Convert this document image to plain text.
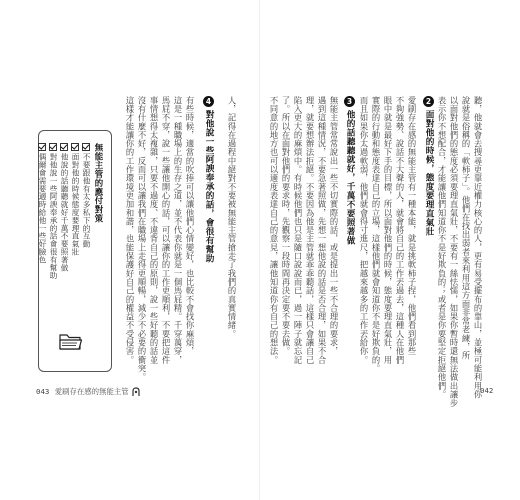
人，記得在過程中絕對不要被無能主管搶走了我們的真實情緒。
4
對他說一些阿諛奉承的話，會很有幫助
有些時候，適當的吹捧可以讓他們心情變好，也比較不會找你麻煩，
這是一種職場上的生存之道，並不代表你就是一個馬屁精。千穿萬穿，
馬屁不穿，說一些讓他開心的話，可以讓你的工作更順利，不要把這件
事情想得太複雜，只要不過度、不違背自己的原則，說一些好聽的話並
沒有什麼不好，反而可以讓我們在職場上走得更順暢，減少不必要的衝突。
這樣才能讓你的工作環境更加和諧，也能保護好自己的權益不受侵害。
無能主管的應付對策
不要跟他有太多私下的互動
面對他的時候態度要理直氣壯
他說的話聽聽就好千萬不要照著做
對他說一些阿諛奉承的話會很有幫助
偶爾會需要適時給他一些好臉色
043 愛刷存在感的無能主管	聽，他就會去搜尋更靠近權力核心的人，更有易受擺布的靠山，並極可能利用你
說就是俗稱的「軟柿子」。他們在找出弱者來利用這方面非常老練，所
以面對他們的態度必須要理直氣壯，不要有一絲怯懦，如果你暫時還無法做出讓步
表示你不想配合，才能讓他們知道你不是好欺負的；或者是你要堅定拒絕他們。
2
面對他的時候，態度要理直氣壯
愛刷存在感的無能主管有一種本能，就是挑軟柿子捏，他們看到那些
不夠強勢、說話不大聲的人，就會將自己的工作丟過去，這種人在他們
眼中就是最好下手的目標，所以面對他們的時候，態度要理直氣壯，用
實際的行動和態度表達自己的立場，這樣他們就會知道你不是好欺負的。
而且如果你太過軟弱，他們就會得寸進尺，把越來越多的工作丟給你。
3
他的話聽聽就好，千萬不要照著做
無能主管常常說出一些不切實際的話，或是提出一些不合理的要求，
遇到這種情況，不要急著照做，先想一想他說的話是否合理，如果不合
理，就要想辦法拒絕。不要因為他是主管就乖乖聽話，這樣只會讓自己
陷入更大的麻煩中。有時候他們也只是隨口說說而已，過一陣子就忘記
了。所以在面對他們的要求時，先觀察一段時間再決定要不要去做。
不同意的地方也可以適度表達自己的意見，讓他知道你有自己的想法。
042
